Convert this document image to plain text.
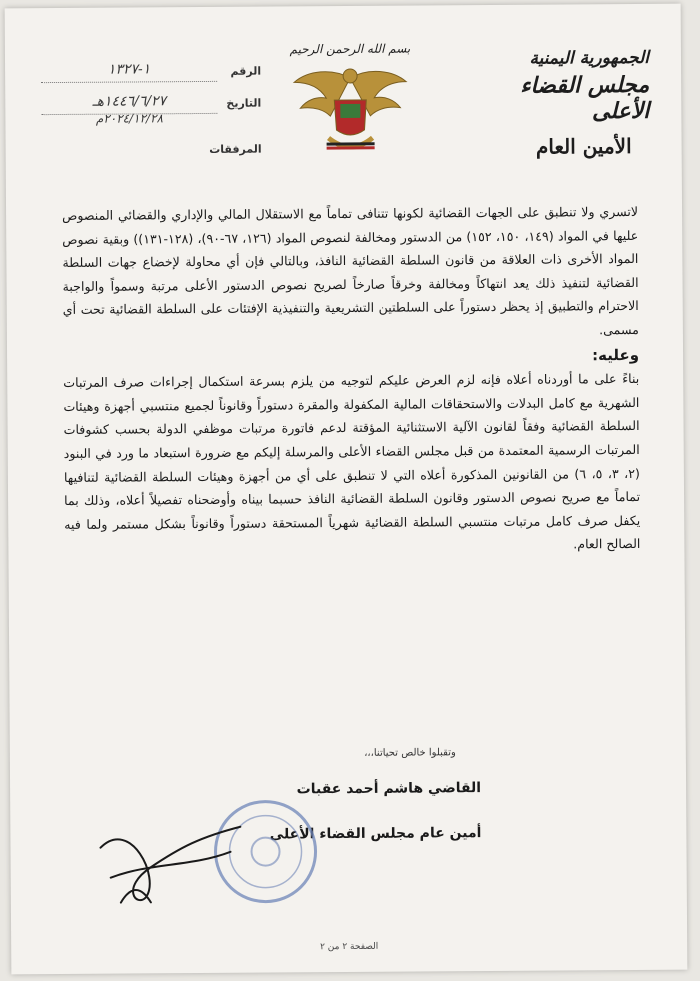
الجمهورية اليمنية
مجلس القضاء الأعلى
الأمين العام
بسم الله الرحمن الرحيم
الرقم
١-١٣٢٧
التاريخ
١٤٤٦/٦/٢٧هـ
٢٠٢٤/١٢/٢٨م
المرفقات

لاتسري ولا تنطبق على الجهات القضائية لكونها تتنافى تماماً مع الاستقلال المالي والإداري والقضائي المنصوص عليها في المواد (١٤٩، ١٥٠، ١٥٢) من الدستور ومخالفة لنصوص المواد (١٢٦، ٦٧-٩٠)، (١٢٨-١٣١)) وبقية نصوص المواد الأخرى ذات العلاقة من قانون السلطة القضائية النافذ، وبالتالي فإن أي محاولة لإخضاع جهات السلطة القضائية لتنفيذ ذلك يعد انتهاكاً ومخالفة وخرقاً صارخاً لصريح نصوص الدستور الأعلى مرتبة وسمواً والواجبة الاحترام والتطبيق إذ يحظر دستوراً على السلطتين التشريعية والتنفيذية الإفتئات على السلطة القضائية تحت أي مسمى.

وعليه:

بناءً على ما أوردناه أعلاه فإنه لزم العرض عليكم لتوجيه من يلزم بسرعة استكمال إجراءات صرف المرتبات الشهرية مع كامل البدلات والاستحقاقات المالية المكفولة والمقرة دستوراً وقانوناً لجميع منتسبي أجهزة وهيئات السلطة القضائية وفقاً لقانون الآلية الاستثنائية المؤقتة لدعم فاتورة مرتبات موظفي الدولة بحسب كشوفات المرتبات الرسمية المعتمدة من قبل مجلس القضاء الأعلى والمرسلة إليكم مع ضرورة استبعاد ما ورد في البنود (٢، ٣، ٥، ٦) من القانونين المذكورة أعلاه التي لا تنطبق على أي من أجهزة وهيئات السلطة القضائية لتنافيها تماماً مع صريح نصوص الدستور وقانون السلطة القضائية النافذ حسبما بيناه وأوضحناه تفصيلاً أعلاه، وذلك بما يكفل صرف كامل مرتبات منتسبي السلطة القضائية شهرياً المستحقة دستوراً وقانوناً بشكل مستمر ولما فيه الصالح العام.

وتقبلوا خالص تحياتنا،،،
القاضي هاشم أحمد عقبات
أمين عام مجلس القضاء الأعلى
الصفحة ٢ من ٢
